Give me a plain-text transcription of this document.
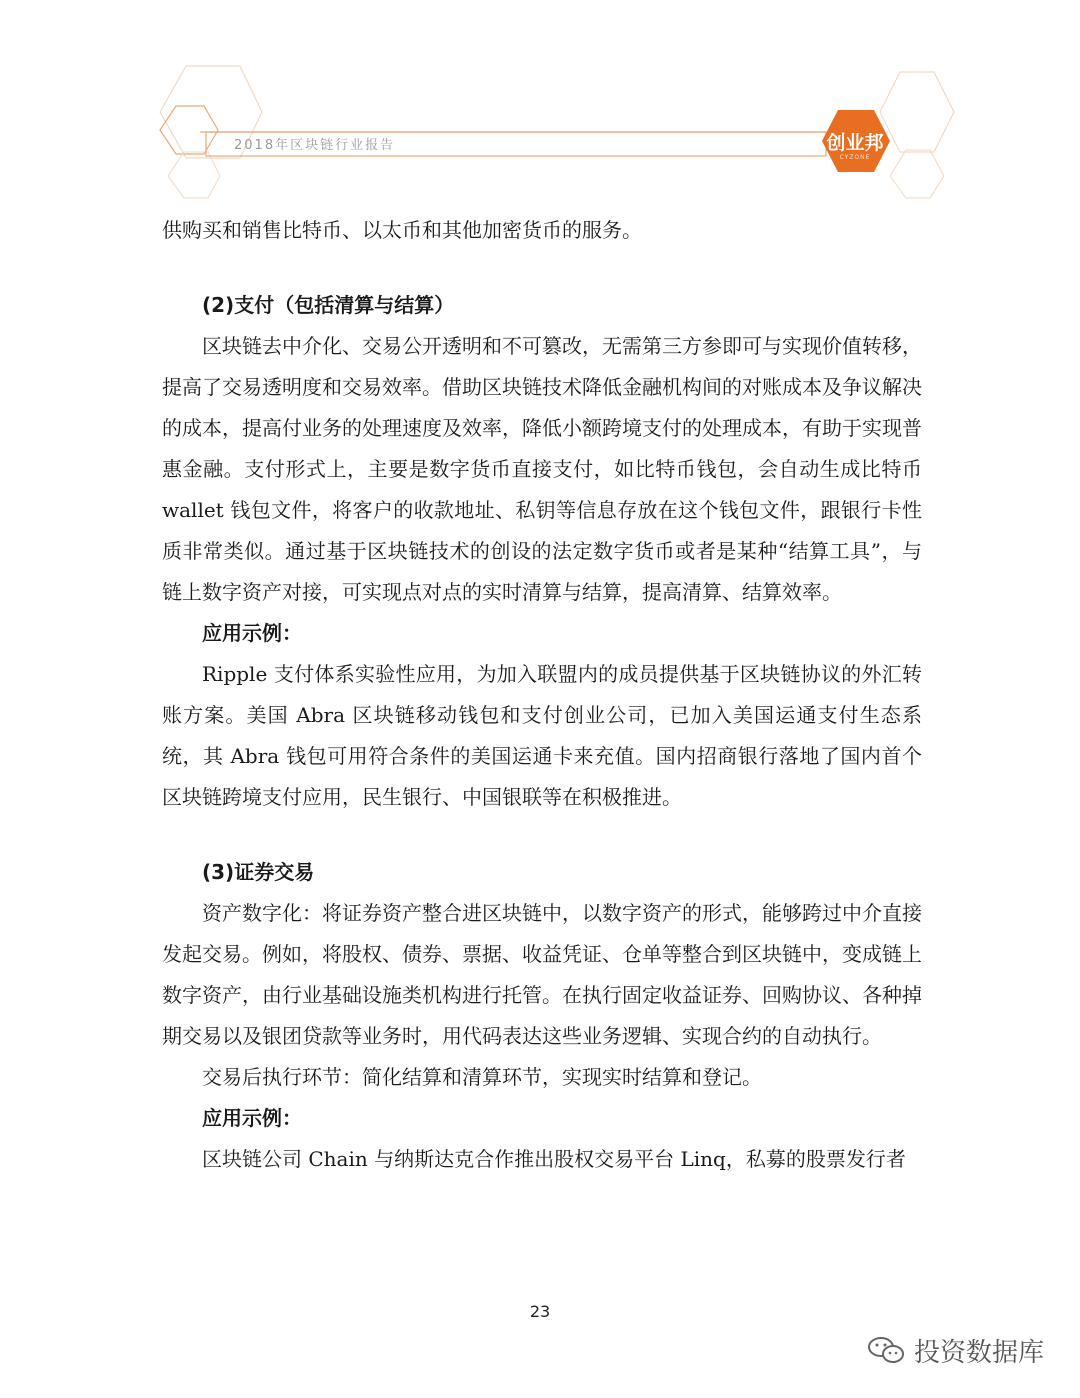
2018年区块链行业报告	创业邦
CYZONE

供购买和销售比特币、以太币和其他加密货币的服务。

(2)支付（包括清算与结算）

区块链去中介化、交易公开透明和不可篡改，无需第三方参即可与实现价值转移，提高了交易透明度和交易效率。借助区块链技术降低金融机构间的对账成本及争议解决的成本，提高付业务的处理速度及效率，降低小额跨境支付的处理成本，有助于实现普惠金融。支付形式上，主要是数字货币直接支付，如比特币钱包，会自动生成比特币 wallet 钱包文件，将客户的收款地址、私钥等信息存放在这个钱包文件，跟银行卡性质非常类似。通过基于区块链技术的创设的法定数字货币或者是某种“结算工具”，与链上数字资产对接，可实现点对点的实时清算与结算，提高清算、结算效率。

应用示例：

Ripple 支付体系实验性应用，为加入联盟内的成员提供基于区块链协议的外汇转账方案。美国 Abra 区块链移动钱包和支付创业公司，已加入美国运通支付生态系统，其 Abra 钱包可用符合条件的美国运通卡来充值。国内招商银行落地了国内首个区块链跨境支付应用，民生银行、中国银联等在积极推进。

(3)证券交易

资产数字化：将证券资产整合进区块链中，以数字资产的形式，能够跨过中介直接发起交易。例如，将股权、债券、票据、收益凭证、仓单等整合到区块链中，变成链上数字资产，由行业基础设施类机构进行托管。在执行固定收益证券、回购协议、各种掉期交易以及银团贷款等业务时，用代码表达这些业务逻辑、实现合约的自动执行。

交易后执行环节：简化结算和清算环节，实现实时结算和登记。

应用示例：

区块链公司 Chain 与纳斯达克合作推出股权交易平台 Linq，私募的股票发行者

23
投资数据库
